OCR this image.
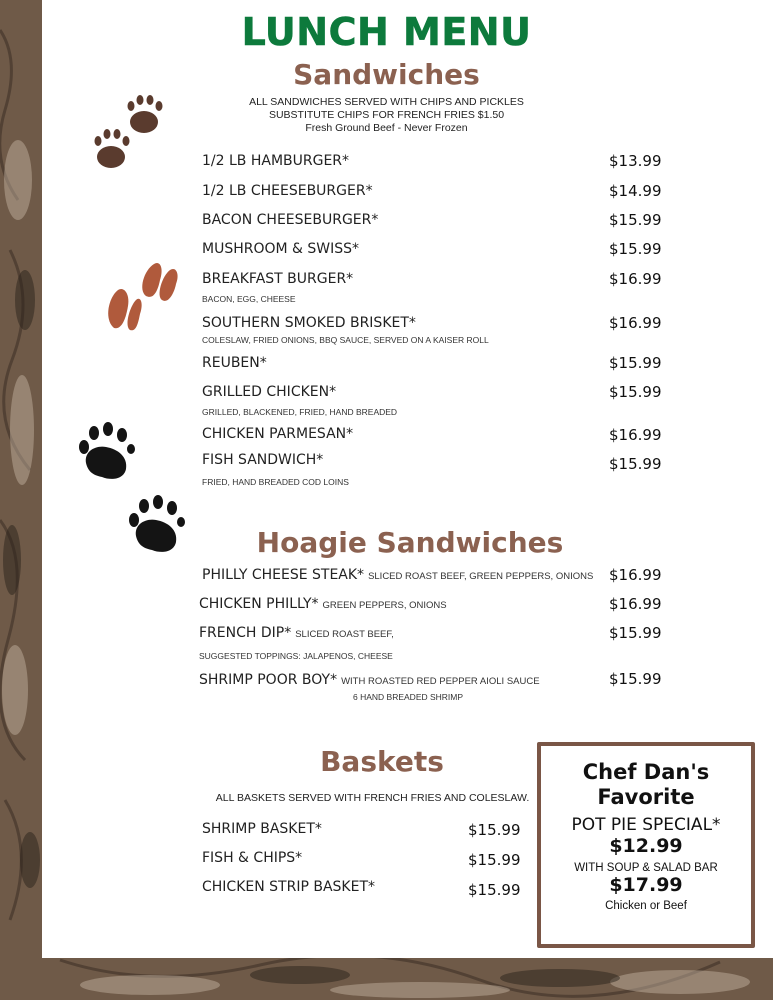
LUNCH MENU
Sandwiches
ALL SANDWICHES SERVED WITH CHIPS AND PICKLES
SUBSTITUTE CHIPS FOR FRENCH FRIES $1.50
Fresh Ground Beef - Never Frozen
1/2 LB HAMBURGER*	$13.99
1/2 LB CHEESEBURGER*	$14.99
BACON CHEESEBURGER*	$15.99
MUSHROOM & SWISS*	$15.99
BREAKFAST BURGER*
BACON, EGG, CHEESE
$16.99
SOUTHERN SMOKED BRISKET*
COLESLAW, FRIED ONIONS, BBQ SAUCE, SERVED ON A KAISER ROLL
$16.99
REUBEN*	$15.99
GRILLED CHICKEN*
GRILLED, BLACKENED, FRIED, HAND BREADED
$15.99
CHICKEN PARMESAN*	$16.99
FISH SANDWICH*
FRIED, HAND BREADED COD LOINS
$15.99
Hoagie Sandwiches
PHILLY CHEESE STEAK* SLICED ROAST BEEF, GREEN PEPPERS, ONIONS $16.99
CHICKEN PHILLY* GREEN PEPPERS, ONIONS	$16.99
FRENCH DIP* SLICED ROAST BEEF,
SUGGESTED TOPPINGS: JALAPENOS, CHEESE
$15.99
SHRIMP POOR BOY* WITH ROASTED RED PEPPER AIOLI SAUCE
6 HAND BREADED SHRIMP
$15.99
Baskets
ALL BASKETS SERVED WITH FRENCH FRIES AND COLESLAW.
SHRIMP BASKET*	$15.99
FISH & CHIPS*	$15.99
CHICKEN STRIP BASKET*	$15.99
Chef Dan's
Favorite
POT PIE SPECIAL*
$12.99
WITH SOUP & SALAD BAR
$17.99
Chicken or Beef
